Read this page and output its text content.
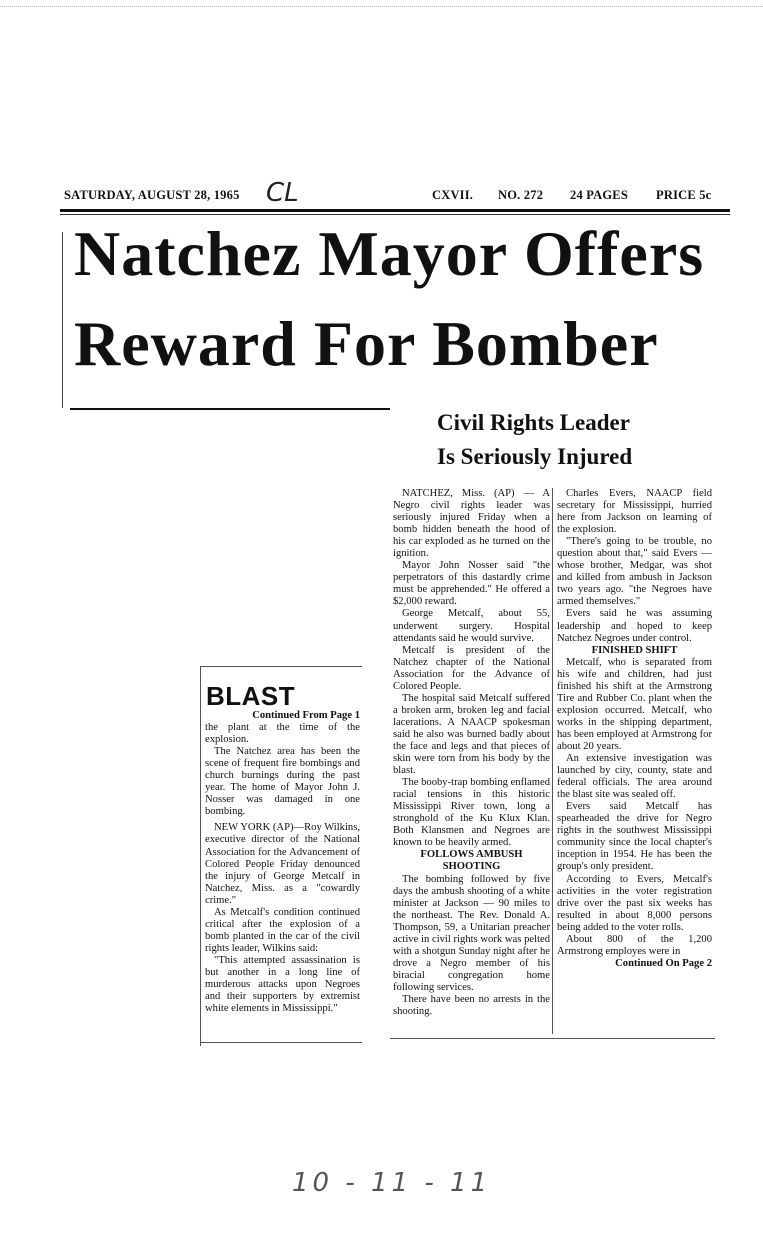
SATURDAY, AUGUST 28, 1965	CXVII. NO. 272 24 PAGES PRICE 5c
CL
Natchez Mayor Offers
Reward For Bomber
Civil Rights Leader
Is Seriously Injured

NATCHEZ, Miss. (AP) — A Negro civil rights leader was seriously injured Friday when a bomb hidden beneath the hood of his car exploded as he turned on the ignition.

Mayor John Nosser said "the perpetrators of this dastardly crime must be apprehended." He offered a $2,000 reward.

George Metcalf, about 55, underwent surgery. Hospital attendants said he would survive.

Metcalf is president of the Natchez chapter of the National Association for the Advance of Colored People.

The hospital said Metcalf suffered a broken arm, broken leg and facial lacerations. A NAACP spokesman said he also was burned badly about the face and legs and that pieces of skin were torn from his body by the blast.

The booby-trap bombing enflamed racial tensions in this historic Mississippi River town, long a stronghold of the Ku Klux Klan. Both Klansmen and Negroes are known to be heavily armed.

FOLLOWS AMBUSH SHOOTING

The bombing followed by five days the ambush shooting of a white minister at Jackson — 90 miles to the northeast. The Rev. Donald A. Thompson, 59, a Unitarian preacher active in civil rights work was pelted with a shotgun Sunday night after he drove a Negro member of his biracial congregation home following services.

There have been no arrests in the shooting.

Charles Evers, NAACP field secretary for Mississippi, hurried here from Jackson on learning of the explosion.

"There's going to be trouble, no question about that," said Evers — whose brother, Medgar, was shot and killed from ambush in Jackson two years ago. "the Negroes have armed themselves."

Evers said he was assuming leadership and hoped to keep Natchez Negroes under control.

FINISHED SHIFT

Metcalf, who is separated from his wife and children, had just finished his shift at the Armstrong Tire and Rubber Co. plant when the explosion occurred. Metcalf, who works in the shipping department, has been employed at Armstrong for about 20 years.

An extensive investigation was launched by city, county, state and federal officials. The area around the blast site was sealed off.

Evers said Metcalf has spearheaded the drive for Negro rights in the southwest Mississippi community since the local chapter's inception in 1954. He has been the group's only president.

According to Evers, Metcalf's activities in the voter registration drive over the past six weeks has resulted in about 8,000 persons being added to the voter rolls.

About 800 of the 1,200 Armstrong employes were in

Continued On Page 2

BLAST

Continued From Page 1

the plant at the time of the explosion.

The Natchez area has been the scene of frequent fire bombings and church burnings during the past year. The home of Mayor John J. Nosser was damaged in one bombing.

NEW YORK (AP)—Roy Wilkins, executive director of the National Association for the Advancement of Colored People Friday denounced the injury of George Metcalf in Natchez, Miss. as a "cowardly crime."

As Metcalf's condition continued critical after the explosion of a bomb planted in the car of the civil rights leader, Wilkins said:

"This attempted assassination is but another in a long line of murderous attacks upon Negroes and their supporters by extremist white elements in Mississippi."

10 - 11 - 11
